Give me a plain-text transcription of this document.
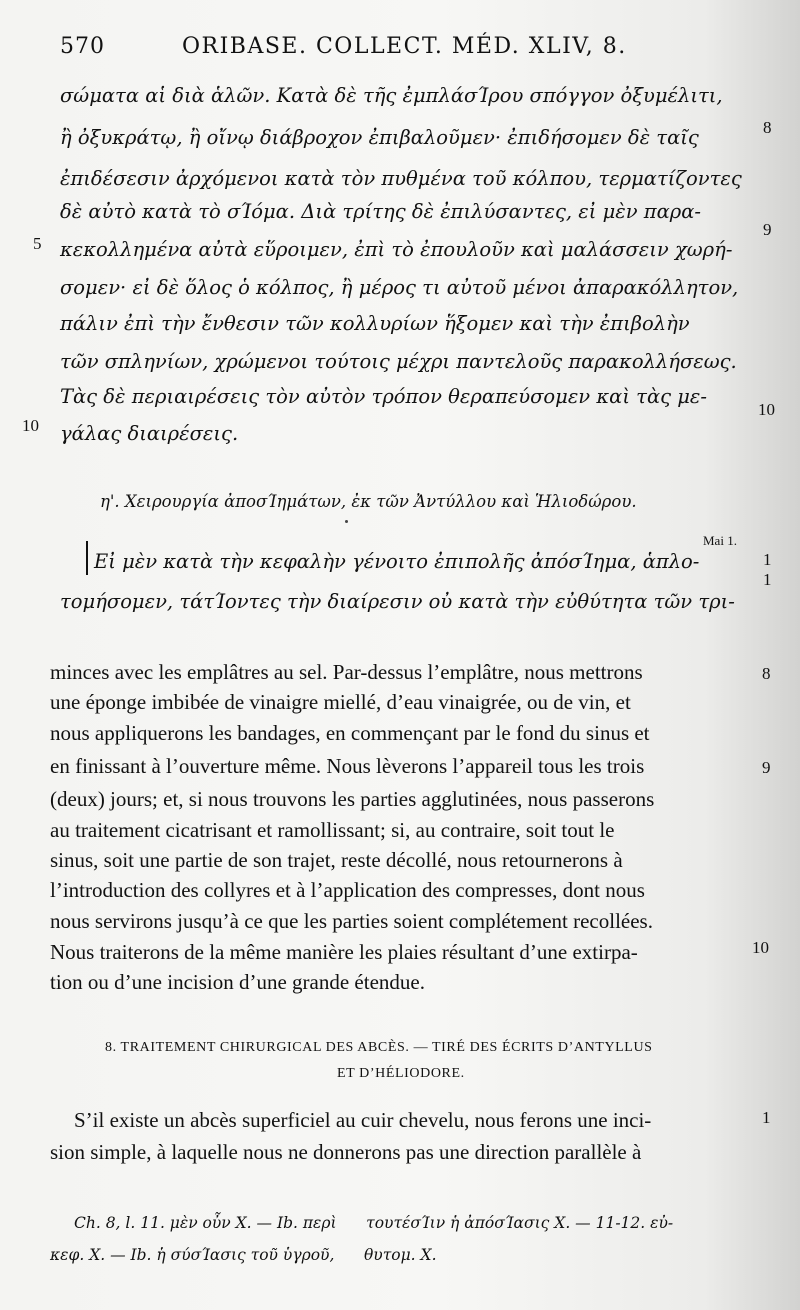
570	ORIBASE. COLLECT. MÉD. XLIV, 8.
σώματα αἱ διὰ ἁλῶν. Κατὰ δὲ τῆς ἐμπλάσΊρου σπόγγον ὀξυμέλιτι,
ἢ ὀξυκράτῳ, ἢ οἴνῳ διάβροχον ἐπιβαλοῦμεν· ἐπιδήσομεν δὲ ταῖς
ἐπιδέσεσιν ἀρχόμενοι κατὰ τὸν πυθμένα τοῦ κόλπου, τερματίζοντες
δὲ αὐτὸ κατὰ τὸ σΊόμα. Διὰ τρίτης δὲ ἐπιλύσαντες, εἰ μὲν παρα-
κεκολλημένα αὐτὰ εὕροιμεν, ἐπὶ τὸ ἐπουλοῦν καὶ μαλάσσειν χωρή-
σομεν· εἰ δὲ ὅλος ὁ κόλπος, ἢ μέρος τι αὐτοῦ μένοι ἀπαρακόλλητον,
πάλιν ἐπὶ τὴν ἔνθεσιν τῶν κολλυρίων ἥξομεν καὶ τὴν ἐπιβολὴν
τῶν σπληνίων, χρώμενοι τούτοις μέχρι παντελοῦς παρακολλήσεως.
Τὰς δὲ περιαιρέσεις τὸν αὐτὸν τρόπον θεραπεύσομεν καὶ τὰς με-
γάλας διαιρέσεις.
5
10
8
9
10
η'. Χειρουργία ἀποσΊημάτων, ἐκ τῶν Ἀντύλλου καὶ Ἡλιοδώρου.
Mai 1.
Εἰ μὲν κατὰ τὴν κεφαλὴν γένοιτο ἐπιπολῆς ἀπόσΊημα, ἁπλο-
τομήσομεν, τάτΊοντες τὴν διαίρεσιν οὐ κατὰ τὴν εὐθύτητα τῶν τρι-
1
1
minces avec les emplâtres au sel. Par-dessus l’emplâtre, nous mettrons
une éponge imbibée de vinaigre miellé, d’eau vinaigrée, ou de vin, et
nous appliquerons les bandages, en commençant par le fond du sinus et
en finissant à l’ouverture même. Nous lèverons l’appareil tous les trois
(deux) jours; et, si nous trouvons les parties agglutinées, nous passerons
au traitement cicatrisant et ramollissant; si, au contraire, soit tout le
sinus, soit une partie de son trajet, reste décollé, nous retournerons à
l’introduction des collyres et à l’application des compresses, dont nous
nous servirons jusqu’à ce que les parties soient complétement recollées.
Nous traiterons de la même manière les plaies résultant d’une extirpa-
tion ou d’une incision d’une grande étendue.
8
9
10
8. TRAITEMENT CHIRURGICAL DES ABCÈS. — TIRÉ DES ÉCRITS D’ANTYLLUS
ET D’HÉLIODORE.
S’il existe un abcès superficiel au cuir chevelu, nous ferons une inci-
sion simple, à laquelle nous ne donnerons pas une direction parallèle à
1
Ch. 8, l. 11. μὲν οὖν X. — Ib. περὶ      τουτέσΊιν ἡ ἀπόσΊασις X. — 11-12. εὐ-
κεφ. X. — Ib. ἡ σύσΊασις τοῦ ὑγροῦ,      θυτομ. X.
